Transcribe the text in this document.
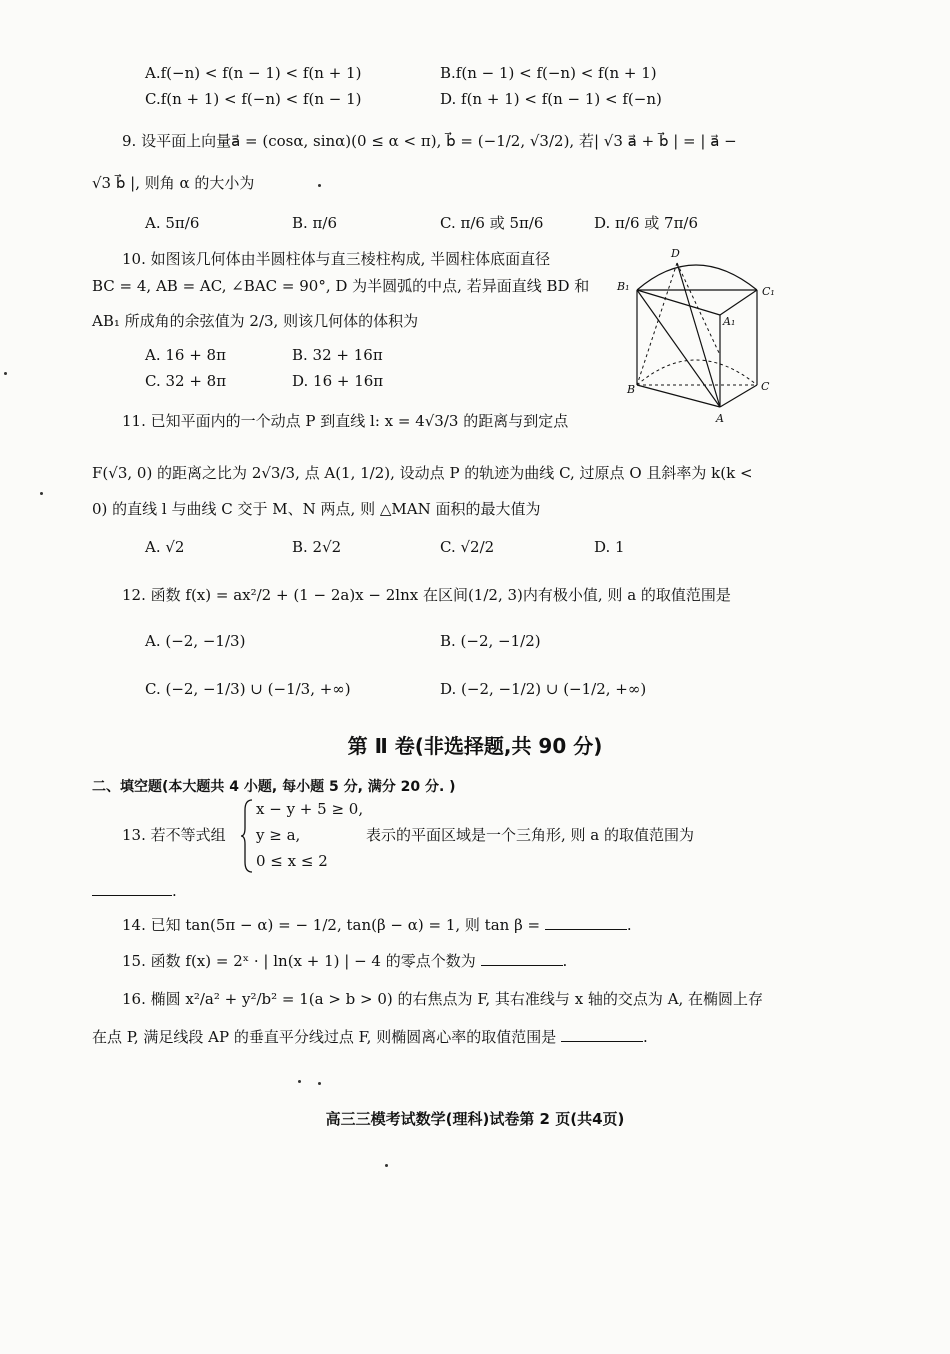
A.f(−n) < f(n − 1) < f(n + 1)	B.f(n − 1) < f(−n) < f(n + 1)
C.f(n + 1) < f(−n) < f(n − 1)	D. f(n + 1) < f(n − 1) < f(−n)
9. 设平面上向量a⃗ = (cosα, sinα)(0 ≤ α < π), b⃗ = (−1/2, √3/2), 若| √3 a⃗ + b⃗ | = | a⃗ −
√3 b⃗ |, 则角 α 的大小为
A. 5π/6	B. π/6	C. π/6 或 5π/6	D. π/6 或 7π/6
10. 如图该几何体由半圆柱体与直三棱柱构成, 半圆柱体底面直径
BC = 4, AB = AC, ∠BAC = 90°, D 为半圆弧的中点, 若异面直线 BD 和
AB₁ 所成角的余弦值为 2/3, 则该几何体的体积为
A. 16 + 8π	B. 32 + 16π
C. 32 + 8π	D. 16 + 16π
D
B₁	C₁
A₁
B	C
A
11. 已知平面内的一个动点 P 到直线 l: x = 4√3/3 的距离与到定点
F(√3, 0) 的距离之比为 2√3/3, 点 A(1, 1/2), 设动点 P 的轨迹为曲线 C, 过原点 O 且斜率为 k(k <
0) 的直线 l 与曲线 C 交于 M、N 两点, 则 △MAN 面积的最大值为
A. √2	B. 2√2	C. √2/2	D. 1
12. 函数 f(x) = ax²/2 + (1 − 2a)x − 2lnx 在区间(1/2, 3)内有极小值, 则 a 的取值范围是
A. (−2, −1/3)	B. (−2, −1/2)
C. (−2, −1/3) ∪ (−1/3, +∞)	D. (−2, −1/2) ∪ (−1/2, +∞)
第 Ⅱ 卷(非选择题,共 90 分)
二、填空题(本大题共 4 小题, 每小题 5 分, 满分 20 分. )
13. 若不等式组
x − y + 5 ≥ 0,
y ≥ a,
0 ≤ x ≤ 2
表示的平面区域是一个三角形, 则 a 的取值范围为
.
14. 已知 tan(5π − α) = − 1/2, tan(β − α) = 1, 则 tan β =	.
15. 函数 f(x) = 2ˣ · | ln(x + 1) | − 4 的零点个数为	.
16. 椭圆 x²/a² + y²/b² = 1(a > b > 0) 的右焦点为 F, 其右准线与 x 轴的交点为 A, 在椭圆上存
在点 P, 满足线段 AP 的垂直平分线过点 F, 则椭圆离心率的取值范围是	.
高三三模考试数学(理科)试卷第 2 页(共4页)
